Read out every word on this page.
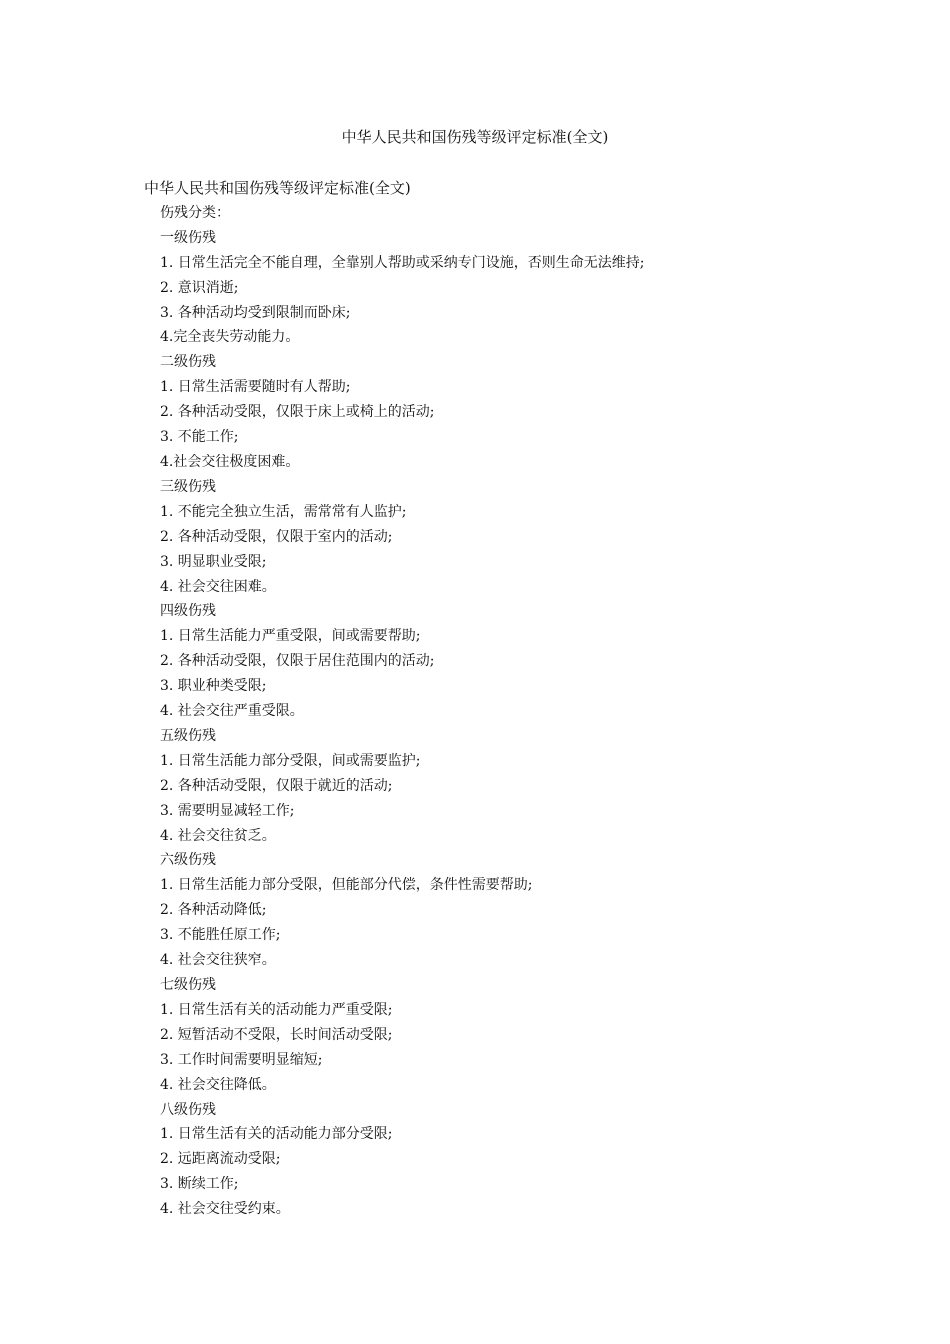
中华人民共和国伤残等级评定标准(全文)

中华人民共和国伤残等级评定标准(全文)

伤残分类：

一级伤残

1. 日常生活完全不能自理，全靠别人帮助或采纳专门设施，否则生命无法维持;

2. 意识消逝;

3. 各种活动均受到限制而卧床;

4.完全丧失劳动能力。

二级伤残

1. 日常生活需要随时有人帮助;

2. 各种活动受限，仅限于床上或椅上的活动;

3. 不能工作;

4.社会交往极度困难。

三级伤残

1. 不能完全独立生活，需常常有人监护;

2. 各种活动受限，仅限于室内的活动;

3. 明显职业受限;

4. 社会交往困难。

四级伤残

1. 日常生活能力严重受限，间或需要帮助;

2. 各种活动受限，仅限于居住范围内的活动;

3. 职业种类受限;

4. 社会交往严重受限。

五级伤残

1. 日常生活能力部分受限，间或需要监护;

2. 各种活动受限，仅限于就近的活动;

3. 需要明显减轻工作;

4. 社会交往贫乏。

六级伤残

1. 日常生活能力部分受限，但能部分代偿，条件性需要帮助;

2. 各种活动降低;

3. 不能胜任原工作;

4. 社会交往狭窄。

七级伤残

1. 日常生活有关的活动能力严重受限;

2. 短暂活动不受限，长时间活动受限;

3. 工作时间需要明显缩短;

4. 社会交往降低。

八级伤残

1. 日常生活有关的活动能力部分受限;

2. 远距离流动受限;

3. 断续工作;

4. 社会交往受约束。
